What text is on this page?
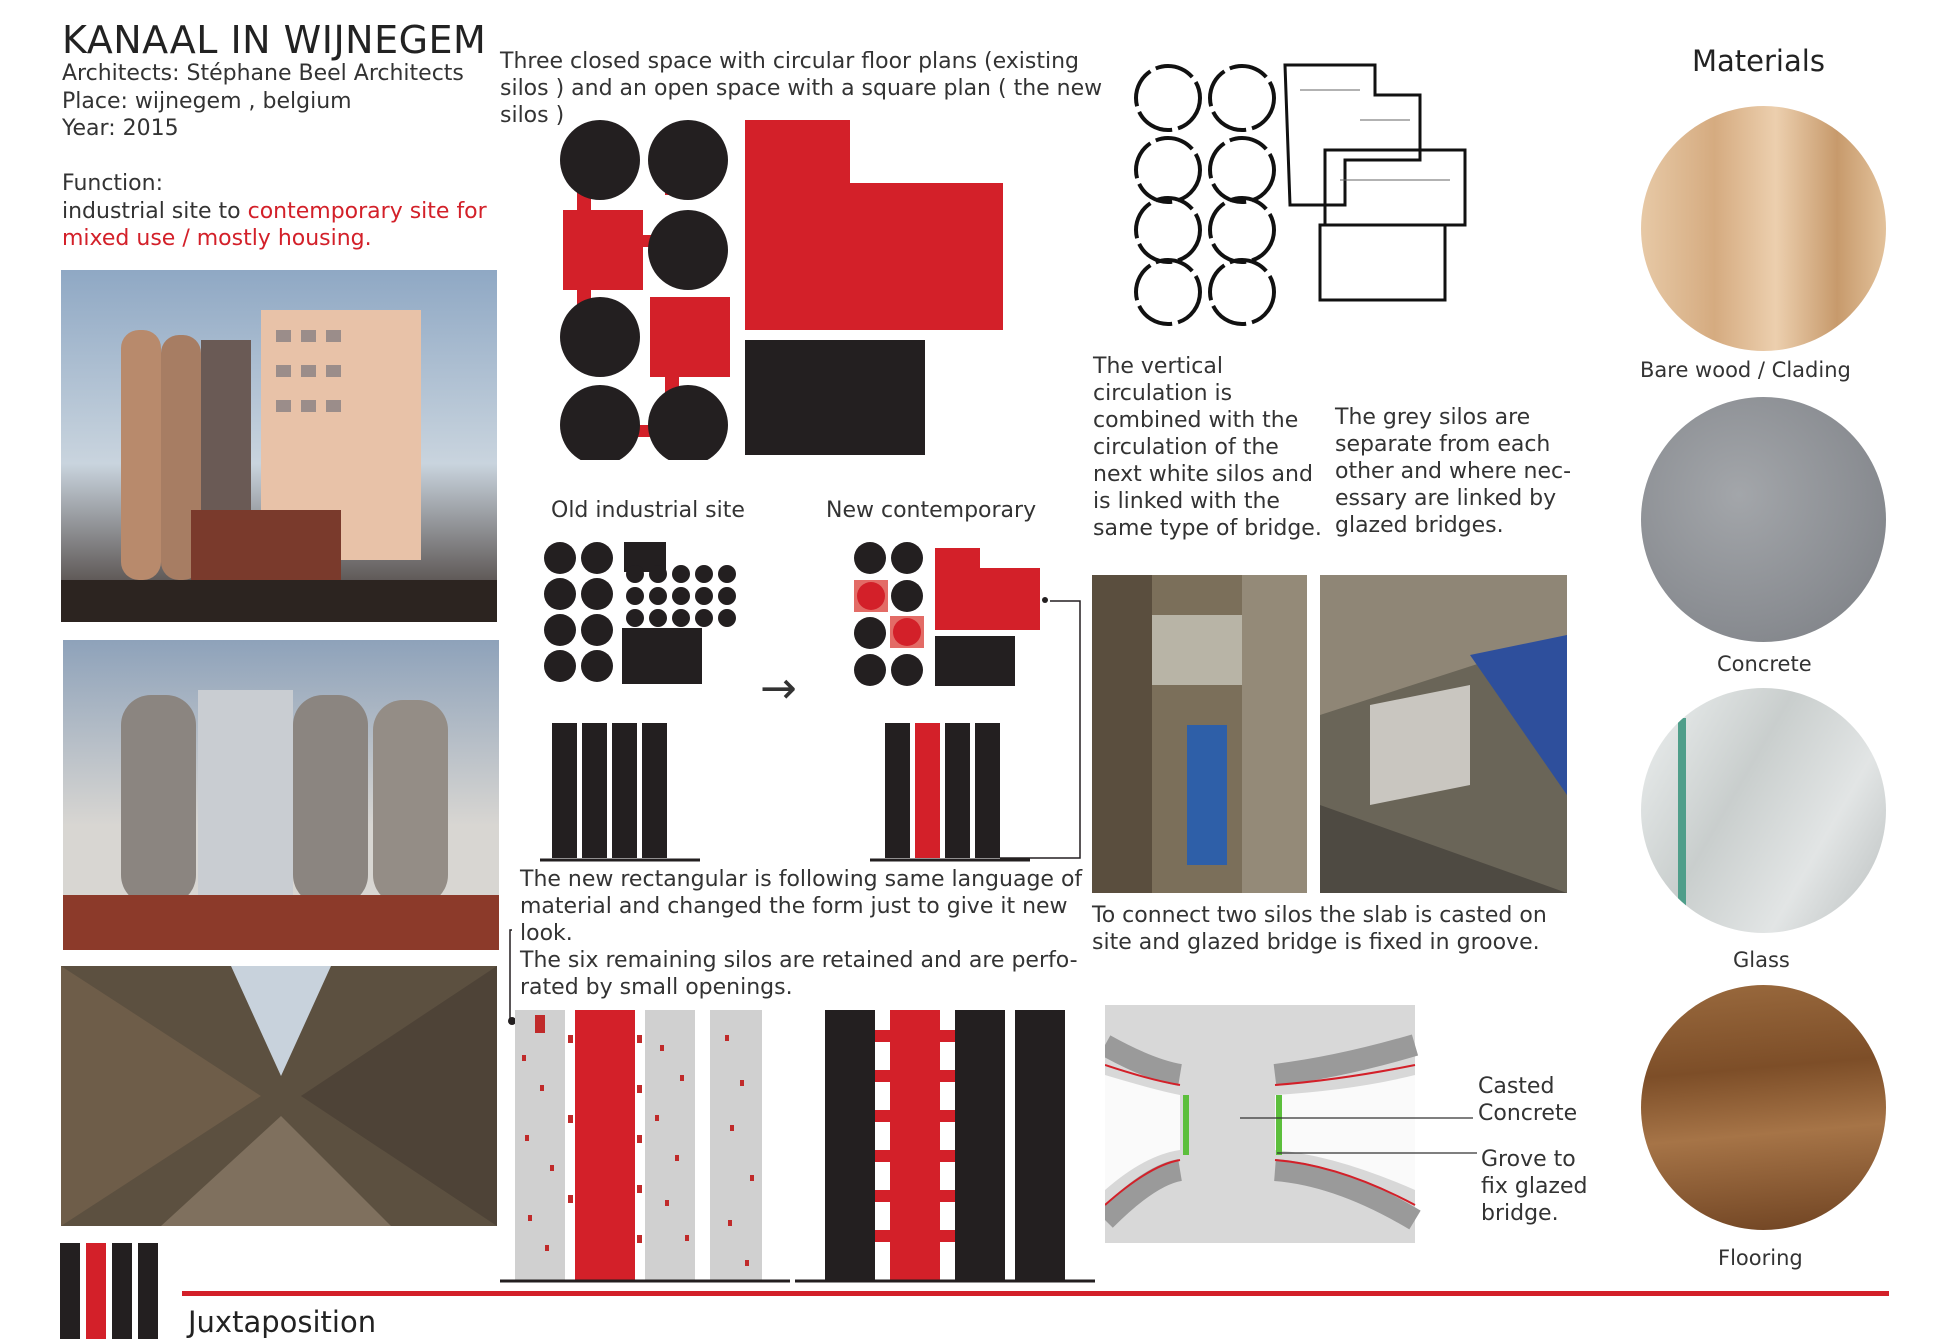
KANAAL IN WIJNEGEM
Architects: Stéphane Beel Architects
Place: wijnegem , belgium
Year: 2015
Function:
industrial site to contemporary site for
mixed use / mostly housing.
Three closed space with circular floor plans (existing
silos ) and an open space with a square plan ( the new
silos )
The vertical
circulation is
combined with the
circulation of the
next white silos and
is linked with the
same type of bridge.
The grey silos are
separate from each
other and where nec-
essary are linked by
glazed bridges.
To connect two silos the slab is casted on
site and glazed bridge is fixed in groove.
Old industrial site	New contemporary
→
The new rectangular is following same language of
material and changed the form just to give it new
look.
The six remaining silos are retained and are perfo-
rated by small openings.
Casted
Concrete
Grove to
fix glazed
bridge.
Materials
Bare wood / Clading
Concrete
Glass
Flooring
Juxtaposition
